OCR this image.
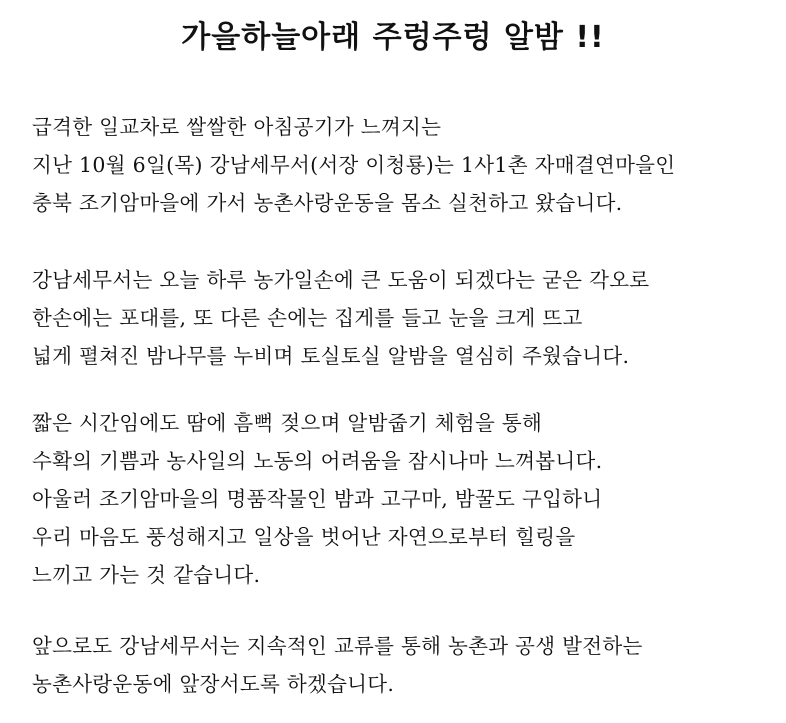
가을하늘아래 주렁주렁 알밤 !!
급격한 일교차로 쌀쌀한 아침공기가 느껴지는
지난 10월 6일(목) 강남세무서(서장 이청룡)는 1사1촌 자매결연마을인
충북 조기암마을에 가서 농촌사랑운동을 몸소 실천하고 왔습니다.
강남세무서는 오늘 하루 농가일손에 큰 도움이 되겠다는 굳은 각오로
한손에는 포대를, 또 다른 손에는 집게를 들고 눈을 크게 뜨고
넓게 펼쳐진 밤나무를 누비며 토실토실 알밤을 열심히 주웠습니다.
짧은 시간임에도 땀에 흠뻑 젖으며 알밤줍기 체험을 통해
수확의 기쁨과 농사일의 노동의 어려움을 잠시나마 느껴봅니다.
아울러 조기암마을의 명품작물인 밤과 고구마, 밤꿀도 구입하니
우리 마음도 풍성해지고 일상을 벗어난 자연으로부터 힐링을
느끼고 가는 것 같습니다.
앞으로도 강남세무서는 지속적인 교류를 통해 농촌과 공생 발전하는
농촌사랑운동에 앞장서도록 하겠습니다.
